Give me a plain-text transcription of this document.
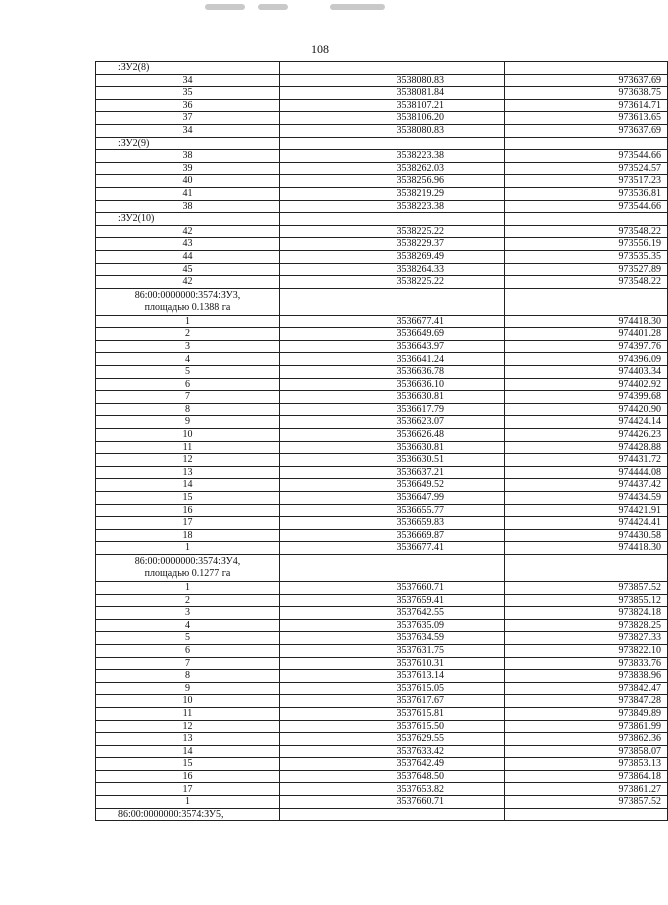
108
:ЗУ2(8)		
34	3538080.83	973637.69
35	3538081.84	973638.75
36	3538107.21	973614.71
37	3538106.20	973613.65
34	3538080.83	973637.69
:ЗУ2(9)		
38	3538223.38	973544.66
39	3538262.03	973524.57
40	3538256.96	973517.23
41	3538219.29	973536.81
38	3538223.38	973544.66
:ЗУ2(10)		
42	3538225.22	973548.22
43	3538229.37	973556.19
44	3538269.49	973535.35
45	3538264.33	973527.89
42	3538225.22	973548.22
86:00:0000000:3574:ЗУ3,
площадью 0.1388 га		
1	3536677.41	974418.30
2	3536649.69	974401.28
3	3536643.97	974397.76
4	3536641.24	974396.09
5	3536636.78	974403.34
6	3536636.10	974402.92
7	3536630.81	974399.68
8	3536617.79	974420.90
9	3536623.07	974424.14
10	3536626.48	974426.23
11	3536630.81	974428.88
12	3536630.51	974431.72
13	3536637.21	974444.08
14	3536649.52	974437.42
15	3536647.99	974434.59
16	3536655.77	974421.91
17	3536659.83	974424.41
18	3536669.87	974430.58
1	3536677.41	974418.30
86:00:0000000:3574:ЗУ4,
площадью 0.1277 га		
1	3537660.71	973857.52
2	3537659.41	973855.12
3	3537642.55	973824.18
4	3537635.09	973828.25
5	3537634.59	973827.33
6	3537631.75	973822.10
7	3537610.31	973833.76
8	3537613.14	973838.96
9	3537615.05	973842.47
10	3537617.67	973847.28
11	3537615.81	973849.89
12	3537615.50	973861.99
13	3537629.55	973862.36
14	3537633.42	973858.07
15	3537642.49	973853.13
16	3537648.50	973864.18
17	3537653.82	973861.27
1	3537660.71	973857.52
86:00:0000000:3574:ЗУ5,		
